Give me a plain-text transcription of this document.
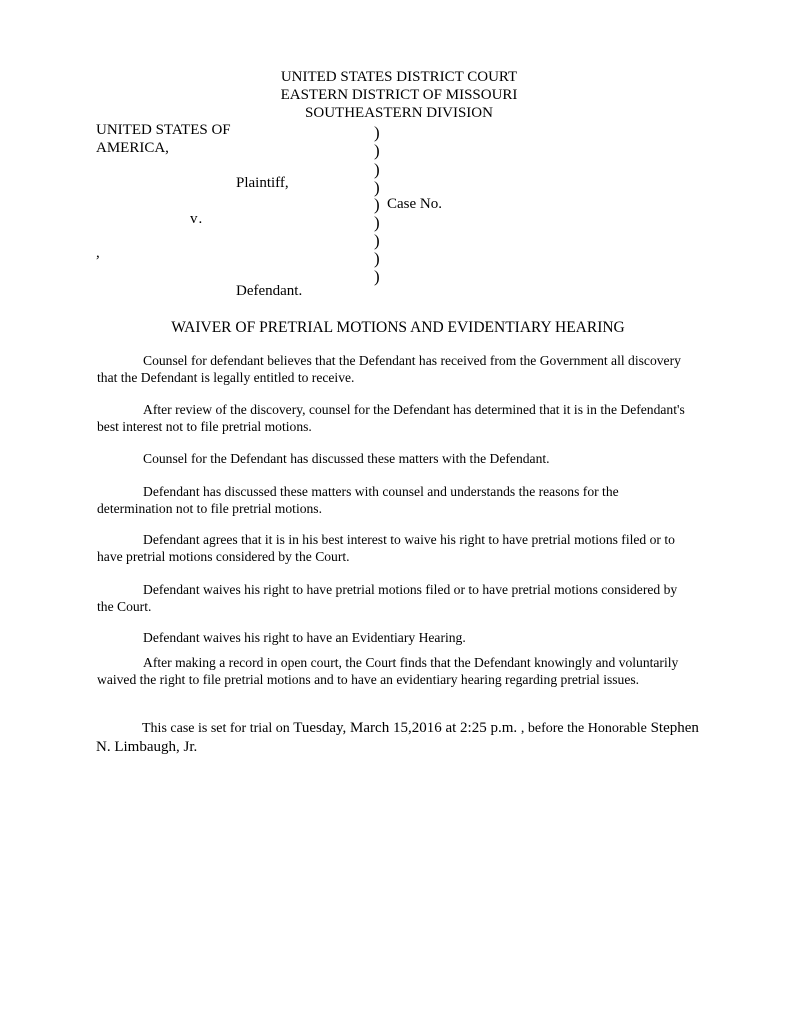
UNITED STATES DISTRICT COURT
EASTERN DISTRICT OF MISSOURI
SOUTHEASTERN DIVISION
UNITED STATES OF
AMERICA,
Plaintiff,
v.
,
Defendant.
)
)
)
)
)
)
)
)
)
Case No.
WAIVER OF PRETRIAL MOTIONS AND EVIDENTIARY HEARING
Counsel for defendant believes that the Defendant has received from the Government all discovery that the Defendant is legally entitled to receive.
After review of the discovery, counsel for the Defendant has determined that it is in the Defendant's best interest not to file pretrial motions.
Counsel for the Defendant has discussed these matters with the Defendant.
Defendant has discussed these matters with counsel and understands the reasons for the determination not to file pretrial motions.
Defendant agrees that it is in his best interest to waive his right to have pretrial motions filed or to have pretrial motions considered by the Court.
Defendant waives his right to have pretrial motions filed or to have pretrial motions considered by the Court.
Defendant waives his right to have an Evidentiary Hearing.
After making a record in open court, the Court finds that the Defendant knowingly and voluntarily waived the right to file pretrial motions and to have an evidentiary hearing regarding pretrial issues.
This case is set for trial on Tuesday, March 15,2016 at 2:25 p.m. , before the Honorable Stephen N. Limbaugh, Jr.
